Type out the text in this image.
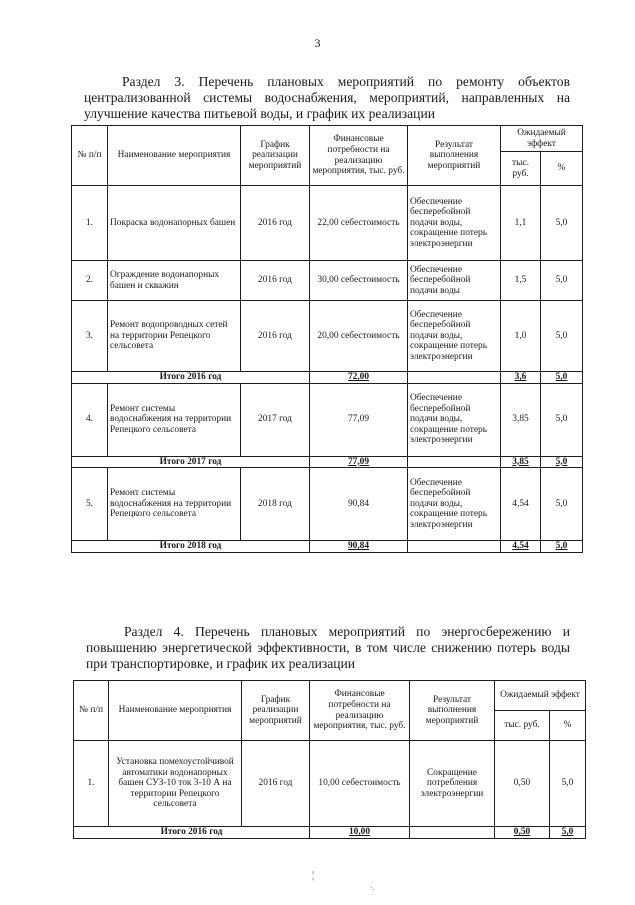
3
Раздел 3. Перечень плановых мероприятий по ремонту объектов
централизованной системы водоснабжения, мероприятий, направленных на
улучшение качества питьевой воды, и график их реализации
№ п/п	Наименование мероприятия	График реализации мероприятий	Финансовые потребности на реализацию мероприятия, тыс. руб.	Результат выполнения мероприятий	Ожидаемый эффект	
					тыс. руб.	%
1.	Покраска водонапорных башен	2016 год	22,00 себестоимость	Обеспечение бесперебойной подачи воды, сокращение потерь электроэнергии	1,1	5,0
2.	Ограждение водонапорных башен и скважин	2016 год	30,00 себестоимость	Обеспечение бесперебойной подачи воды	1,5	5,0
3.	Ремонт водопроводных сетей на территории Репецкого сельсовета	2016 год	20,00 себестоимость	Обеспечение бесперебойной подачи воды, сокращение потерь электроэнергии	1,0	5,0
Итого 2016 год			72,00		3,6	5,0
4.	Ремонт системы водоснабжения на территории Репецкого сельсовета	2017 год	77,09	Обеспечение бесперебойной подачи воды, сокращение потерь электроэнергии	3,85	5,0
Итого 2017 год			77,09		3,85	5,0
5.	Ремонт системы водоснабжения на территории Репецкого сельсовета	2018 год	90,84	Обеспечение бесперебойной подачи воды, сокращение потерь электроэнергии	4,54	5,0
Итого 2018 год			90,84		4,54	5,0
Раздел 4. Перечень плановых мероприятий по энергосбережению и
повышению энергетической эффективности, в том числе снижению потерь воды
при транспортировке, и график их реализации
№ п/п	Наименование мероприятия	График реализации мероприятий	Финансовые потребности на реализацию мероприятия, тыс. руб.	Результат выполнения мероприятий	Ожидаемый эффект	
					тыс. руб.	%
1.	Установка помехоустойчивой автоматики водонапорных башен СУЗ-10 ток 3-10 А на территории Репецкого сельсовета	2016 год	10,00 себестоимость	Сокращение потребления электроэнергии	0,50	5,0
Итого 2016 год			10,00		0,50	5,0
¦
·.
